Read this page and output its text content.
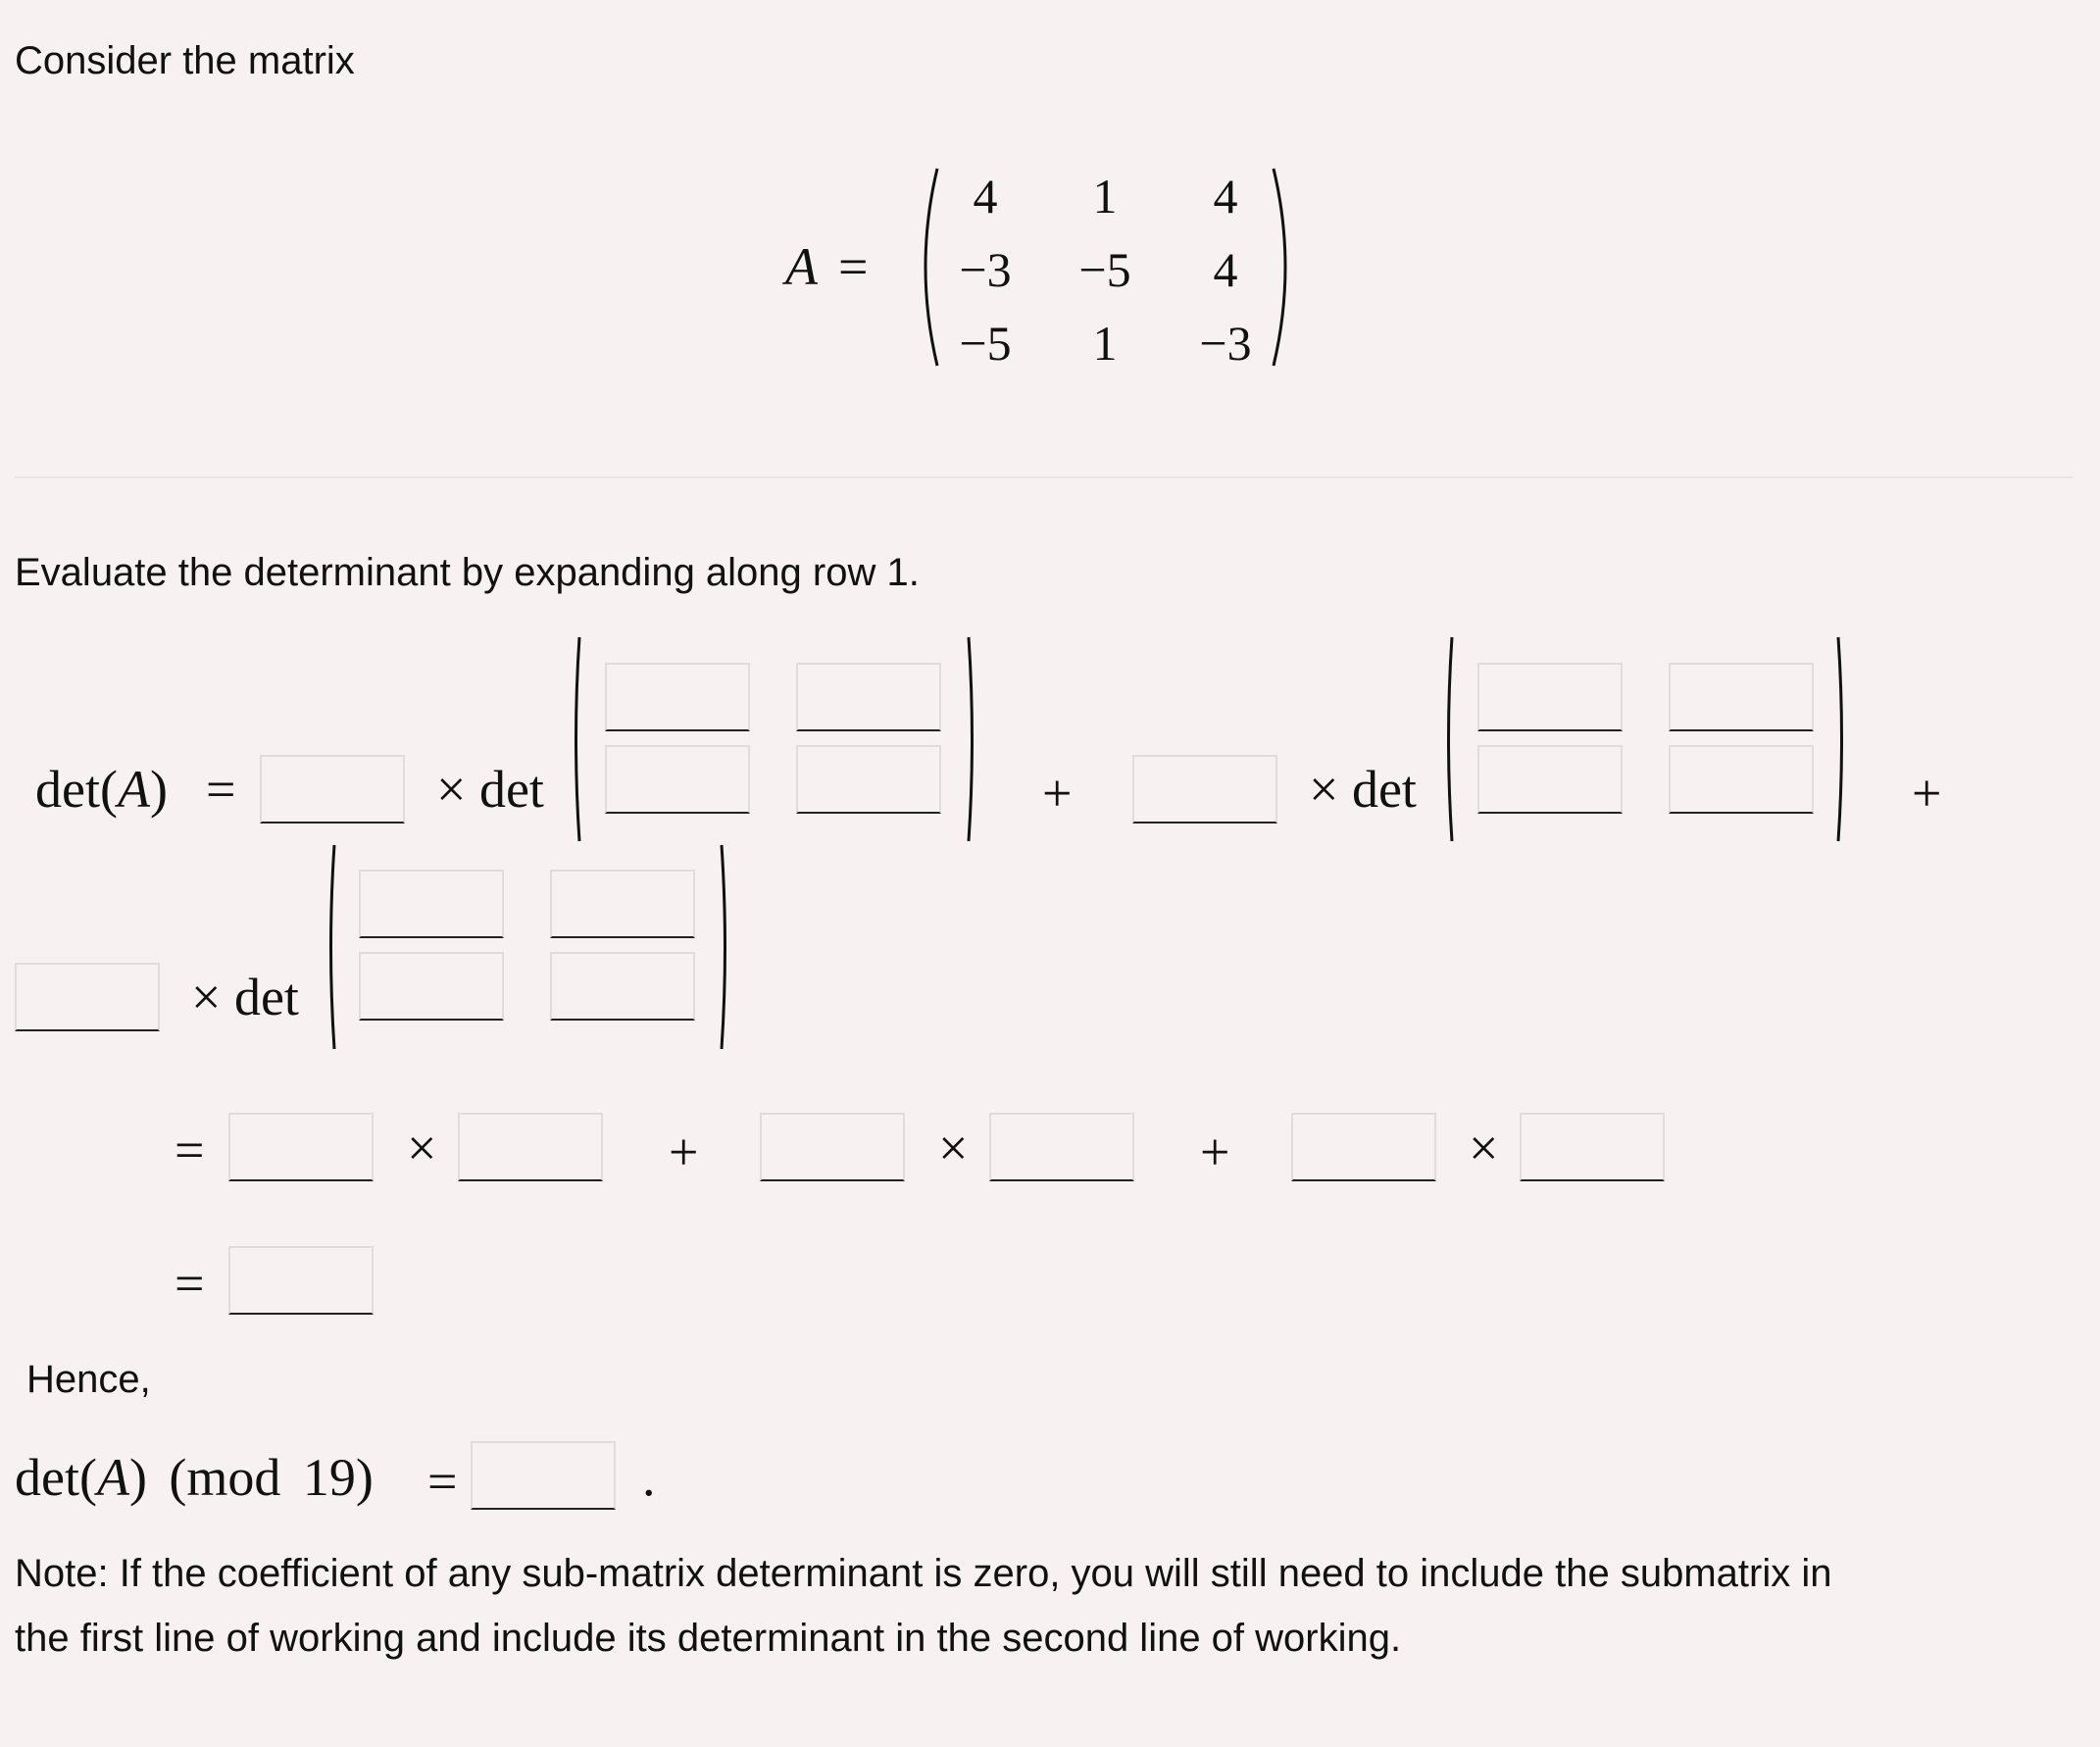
Consider the matrix
A =
4	1	4
−3	−5	4
−5	1	−3
Evaluate the determinant by expanding along row 1.
det(A) =	× det	+	× det	+
× det
=	×	+	×	+	×
=
Hence,
det(A) (mod 19) =	.
Note: If the coefficient of any sub-matrix determinant is zero, you will still need to include the submatrix in
the first line of working and include its determinant in the second line of working.
